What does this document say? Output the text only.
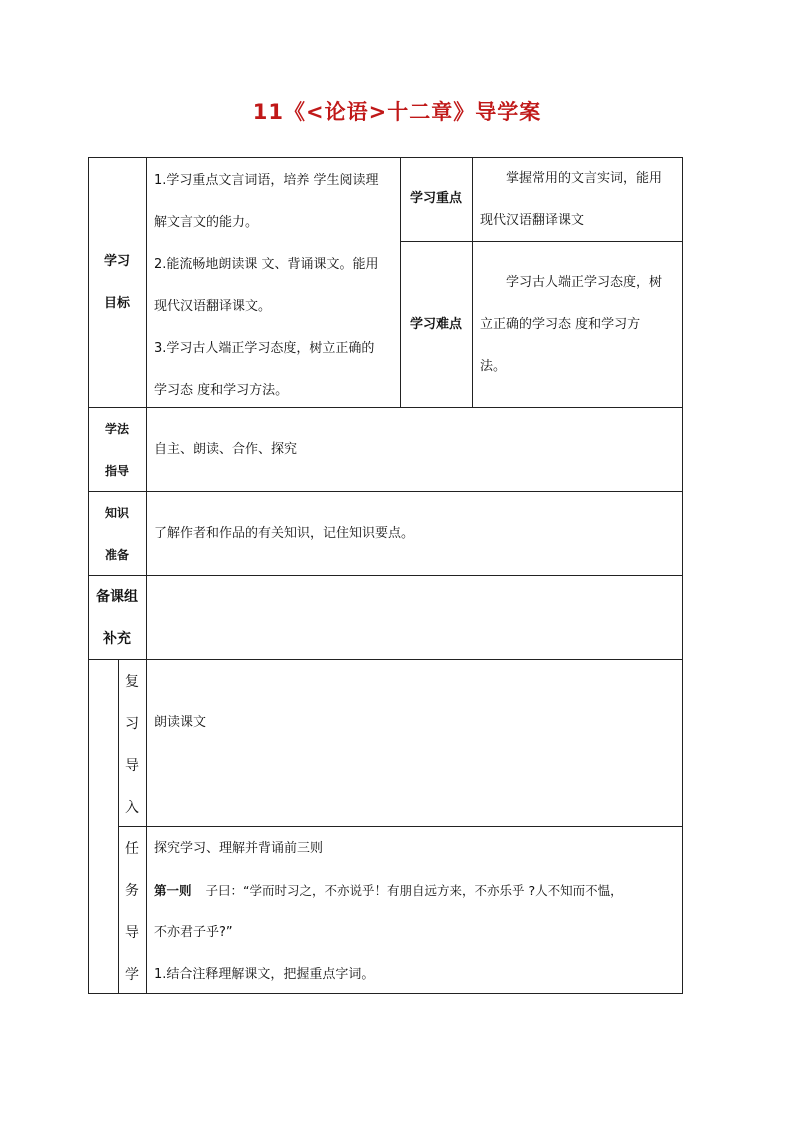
11《<论语>十二章》导学案
学习
目标
1.学习重点文言词语，培养 学生阅读理
解文言文的能力。
2.能流畅地朗读课 文、背诵课文。能用
现代汉语翻译课文。
3.学习古人端正学习态度，树立正确的
学习态 度和学习方法。
学习重点
掌握常用的文言实词，能用
现代汉语翻译课文
学习难点
学习古人端正学习态度，树
立正确的学习态 度和学习方
法。
学法
指导
自主、朗读、合作、探究
知识
准备
了解作者和作品的有关知识，记住知识要点。
备课组
补充
复
习
导
入
朗读课文
任
务
导
学
探究学习、理解并背诵前三则
第一则 子曰：“学而时习之，不亦说乎！有朋自远方来，不亦乐乎 ?人不知而不愠，
不亦君子乎?”
1.结合注释理解课文，把握重点字词。
